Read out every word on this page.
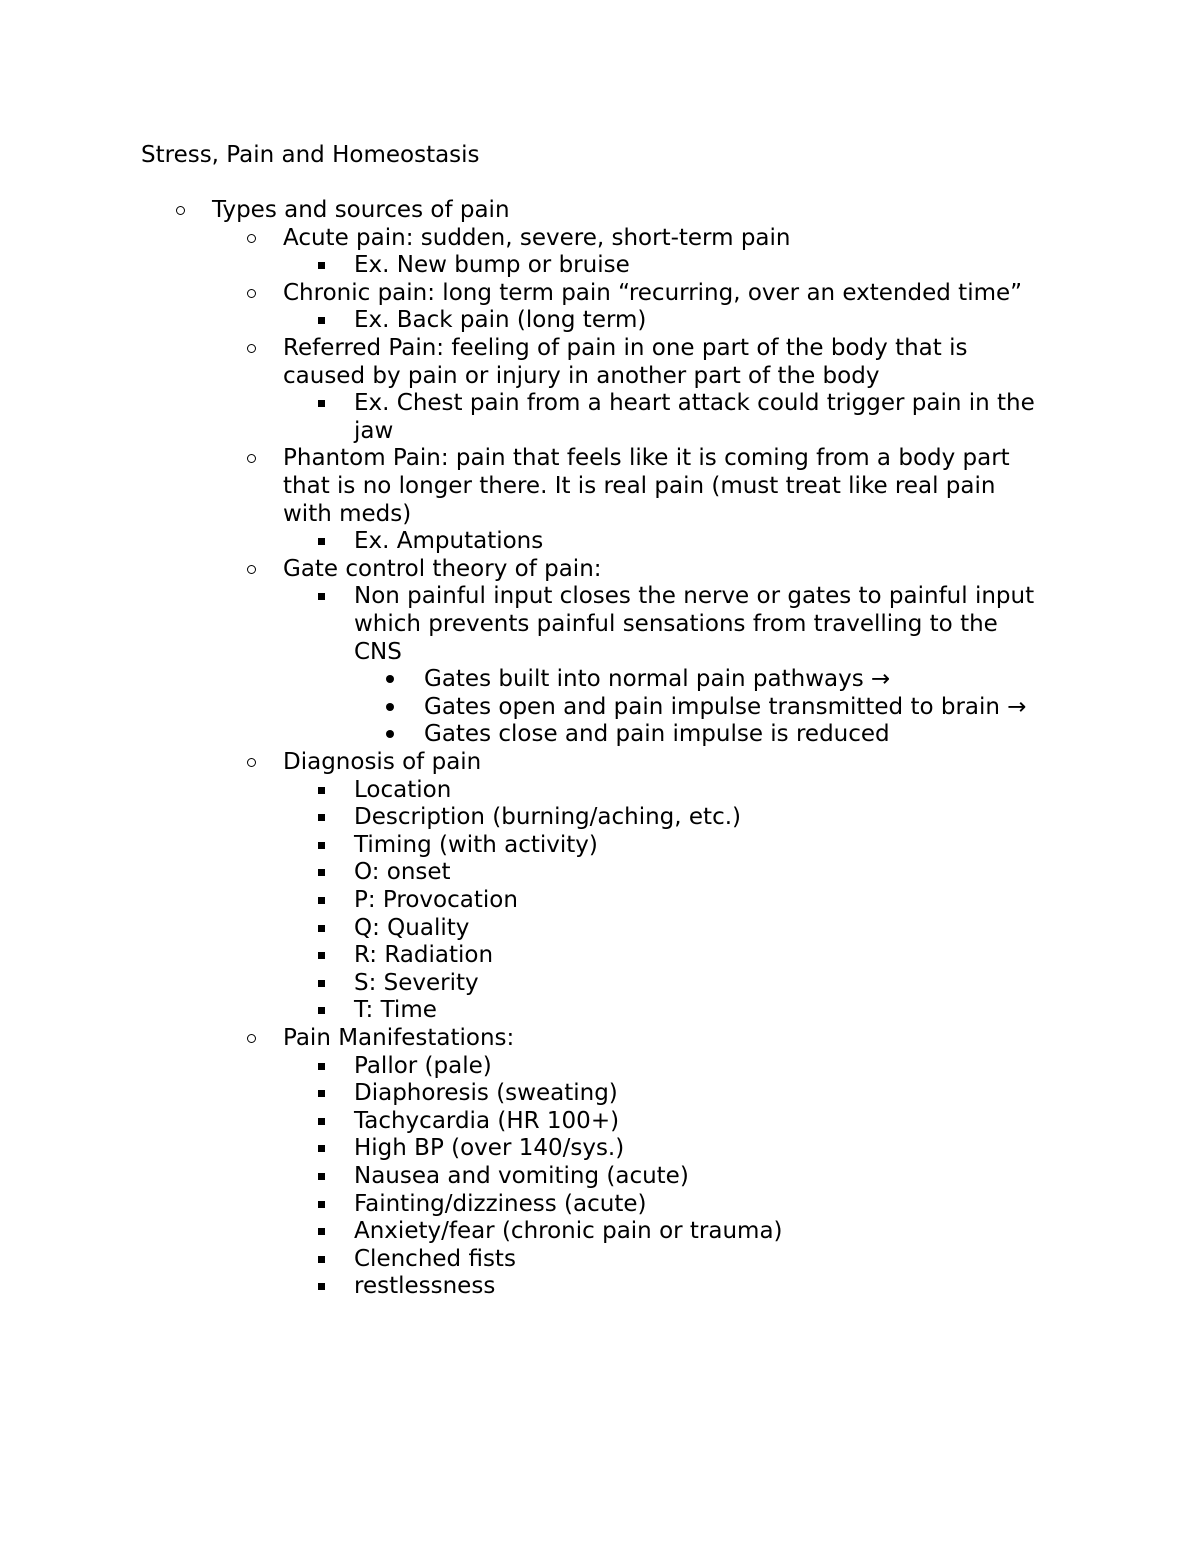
Stress, Pain and Homeostasis
Types and sources of pain
Acute pain: sudden, severe, short-term pain
Ex. New bump or bruise
Chronic pain: long term pain “recurring, over an extended time”
Ex. Back pain (long term)
Referred Pain: feeling of pain in one part of the body that is
caused by pain or injury in another part of the body
Ex. Chest pain from a heart attack could trigger pain in the
jaw
Phantom Pain: pain that feels like it is coming from a body part
that is no longer there. It is real pain (must treat like real pain
with meds)
Ex. Amputations
Gate control theory of pain:
Non painful input closes the nerve or gates to painful input
which prevents painful sensations from travelling to the
CNS
Gates built into normal pain pathways →
Gates open and pain impulse transmitted to brain →
Gates close and pain impulse is reduced
Diagnosis of pain
Location
Description (burning/aching, etc.)
Timing (with activity)
O: onset
P: Provocation
Q: Quality
R: Radiation
S: Severity
T: Time
Pain Manifestations:
Pallor (pale)
Diaphoresis (sweating)
Tachycardia (HR 100+)
High BP (over 140/sys.)
Nausea and vomiting (acute)
Fainting/dizziness (acute)
Anxiety/fear (chronic pain or trauma)
Clenched fists
restlessness
